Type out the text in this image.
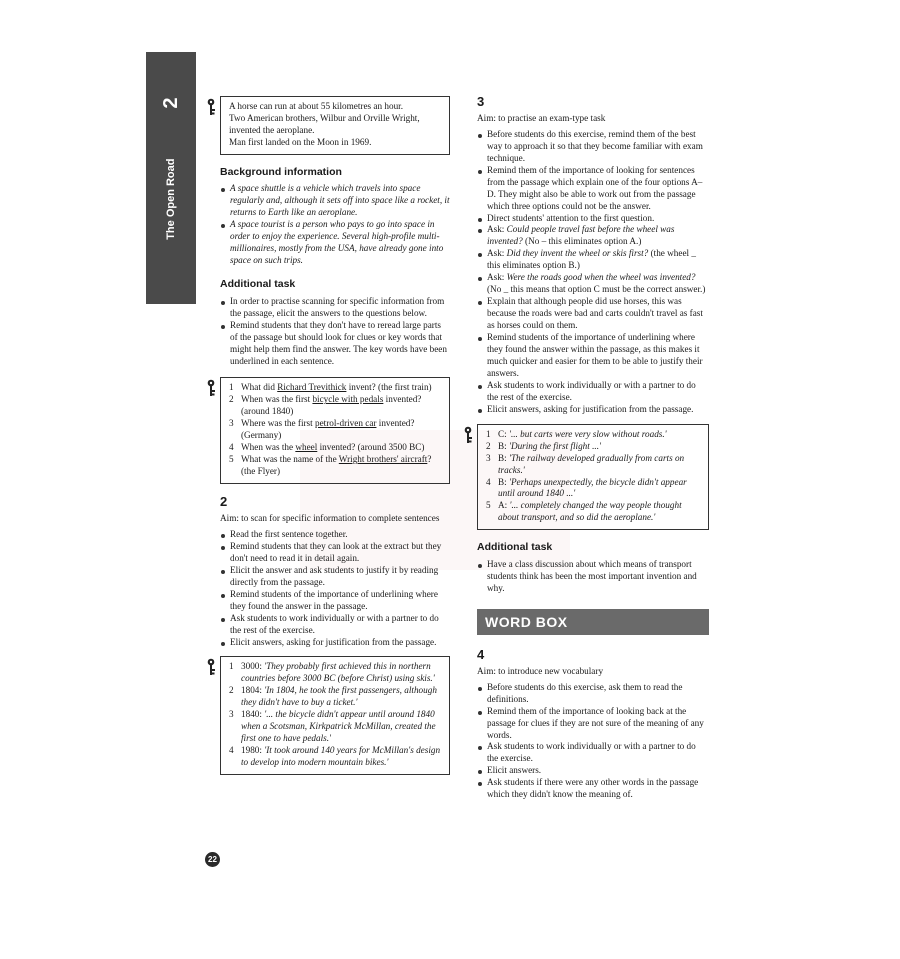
2
The Open Road
A horse can run at about 55 kilometres an hour.
Two American brothers, Wilbur and Orville Wright, invented the aeroplane.
Man first landed on the Moon in 1969.
Background information
A space shuttle is a vehicle which travels into space regularly and, although it sets off into space like a rocket, it returns to Earth like an aeroplane.
A space tourist is a person who pays to go into space in order to enjoy the experience. Several high-profile multi-millionaires, mostly from the USA, have already gone into space on such trips.
Additional task
In order to practise scanning for specific information from the passage, elicit the answers to the questions below.
Remind students that they don't have to reread large parts of the passage but should look for clues or key words that might help them find the answer. The key words have been underlined in each sentence.
1 What did Richard Trevithick invent? (the first train)
2 When was the first bicycle with pedals invented? (around 1840)
3 Where was the first petrol-driven car invented? (Germany)
4 When was the wheel invented? (around 3500 BC)
5 What was the name of the Wright brothers' aircraft? (the Flyer)
2
Aim: to scan for specific information to complete sentences
Read the first sentence together.
Remind students that they can look at the extract but they don't need to read it in detail again.
Elicit the answer and ask students to justify it by reading directly from the passage.
Remind students of the importance of underlining where they found the answer in the passage.
Ask students to work individually or with a partner to do the rest of the exercise.
Elicit answers, asking for justification from the passage.
1 3000: 'They probably first achieved this in northern countries before 3000 BC (before Christ) using skis.'
2 1804: 'In 1804, he took the first passengers, although they didn't have to buy a ticket.'
3 1840: '... the bicycle didn't appear until around 1840 when a Scotsman, Kirkpatrick McMillan, created the first one to have pedals.'
4 1980: 'It took around 140 years for McMillan's design to develop into modern mountain bikes.'
3
Aim: to practise an exam-type task
Before students do this exercise, remind them of the best way to approach it so that they become familiar with exam technique.
Remind them of the importance of looking for sentences from the passage which explain one of the four options A–D. They might also be able to work out from the passage which three options could not be the answer.
Direct students' attention to the first question.
Ask: Could people travel fast before the wheel was invented? (No – this eliminates option A.)
Ask: Did they invent the wheel or skis first? (the wheel _ this eliminates option B.)
Ask: Were the roads good when the wheel was invented? (No _ this means that option C must be the correct answer.)
Explain that although people did use horses, this was because the roads were bad and carts couldn't travel as fast as horses could on them.
Remind students of the importance of underlining where they found the answer within the passage, as this makes it much quicker and easier for them to be able to justify their answers.
Ask students to work individually or with a partner to do the rest of the exercise.
Elicit answers, asking for justification from the passage.
1 C: '... but carts were very slow without roads.'
2 B: 'During the first flight ...'
3 B: 'The railway developed gradually from carts on tracks.'
4 B: 'Perhaps unexpectedly, the bicycle didn't appear until around 1840 ...'
5 A: '... completely changed the way people thought about transport, and so did the aeroplane.'
Additional task
Have a class discussion about which means of transport students think has been the most important invention and why.
WORD BOX
4
Aim: to introduce new vocabulary
Before students do this exercise, ask them to read the definitions.
Remind them of the importance of looking back at the passage for clues if they are not sure of the meaning of any words.
Ask students to work individually or with a partner to do the exercise.
Elicit answers.
Ask students if there were any other words in the passage which they didn't know the meaning of.
22
